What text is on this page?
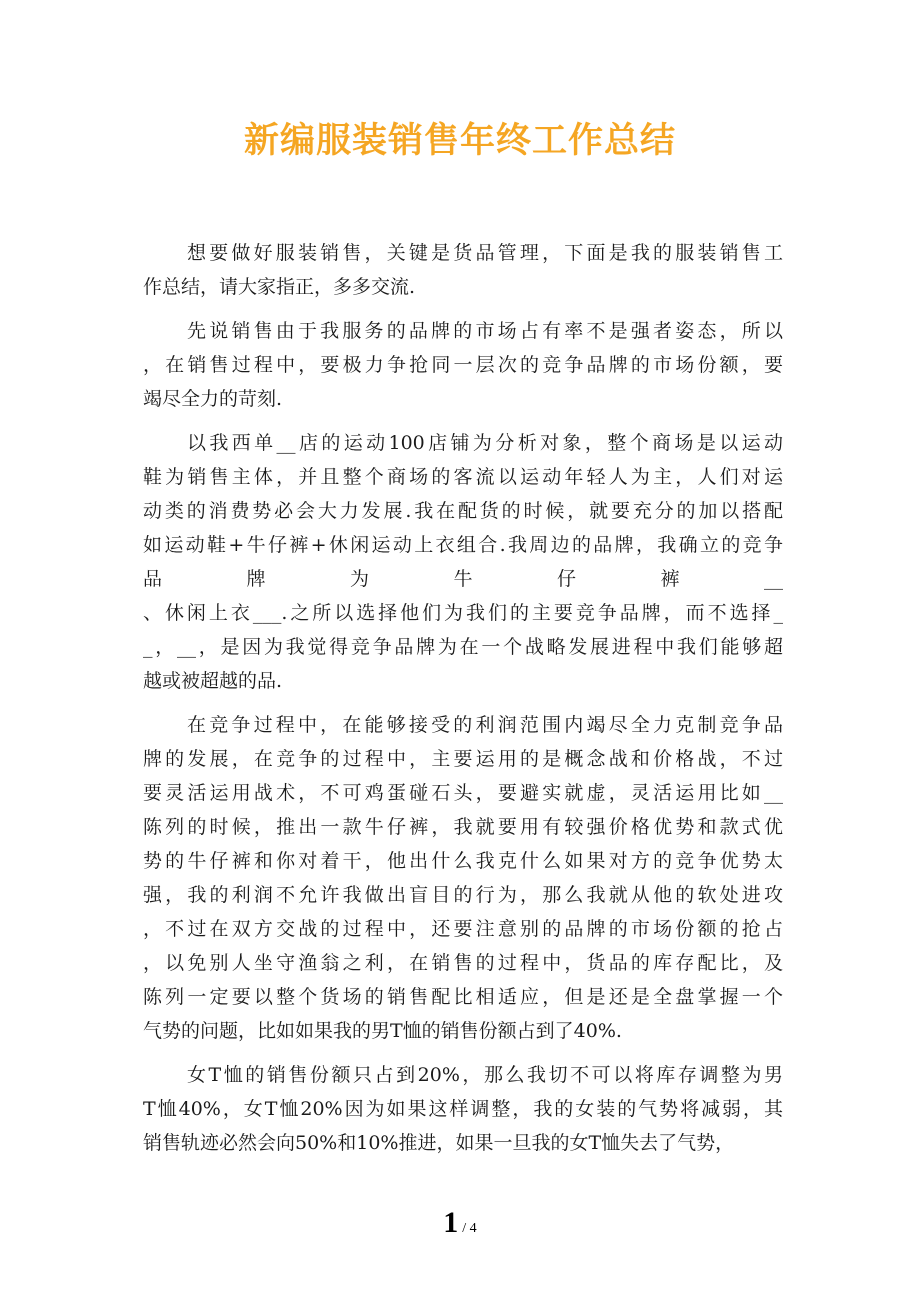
新编服装销售年终工作总结
想要做好服装销售，关键是货品管理，下面是我的服装销售工
作总结，请大家指正，多多交流.
先说销售由于我服务的品牌的市场占有率不是强者姿态，所以
，在销售过程中，要极力争抢同一层次的竞争品牌的市场份额，要
竭尽全力的苛刻.
以我西单__店的运动100店铺为分析对象，整个商场是以运动
鞋为销售主体，并且整个商场的客流以运动年轻人为主，人们对运
动类的消费势必会大力发展.我在配货的时候，就要充分的加以搭配
如运动鞋+牛仔裤+休闲运动上衣组合.我周边的品牌，我确立的竞争
品牌为牛仔裤__
、休闲上衣___.之所以选择他们为我们的主要竞争品牌，而不选择_
_，__，是因为我觉得竞争品牌为在一个战略发展进程中我们能够超
越或被超越的品.
在竞争过程中，在能够接受的利润范围内竭尽全力克制竞争品
牌的发展，在竞争的过程中，主要运用的是概念战和价格战，不过
要灵活运用战术，不可鸡蛋碰石头，要避实就虚，灵活运用比如__
陈列的时候，推出一款牛仔裤，我就要用有较强价格优势和款式优
势的牛仔裤和你对着干，他出什么我克什么如果对方的竞争优势太
强，我的利润不允许我做出盲目的行为，那么我就从他的软处进攻
，不过在双方交战的过程中，还要注意别的品牌的市场份额的抢占
，以免别人坐守渔翁之利，在销售的过程中，货品的库存配比，及
陈列一定要以整个货场的销售配比相适应，但是还是全盘掌握一个
气势的问题，比如如果我的男T恤的销售份额占到了40%.
女T恤的销售份额只占到20%，那么我切不可以将库存调整为男
T恤40%，女T恤20%因为如果这样调整，我的女装的气势将减弱，其
销售轨迹必然会向50%和10%推进，如果一旦我的女T恤失去了气势，
1 / 4
